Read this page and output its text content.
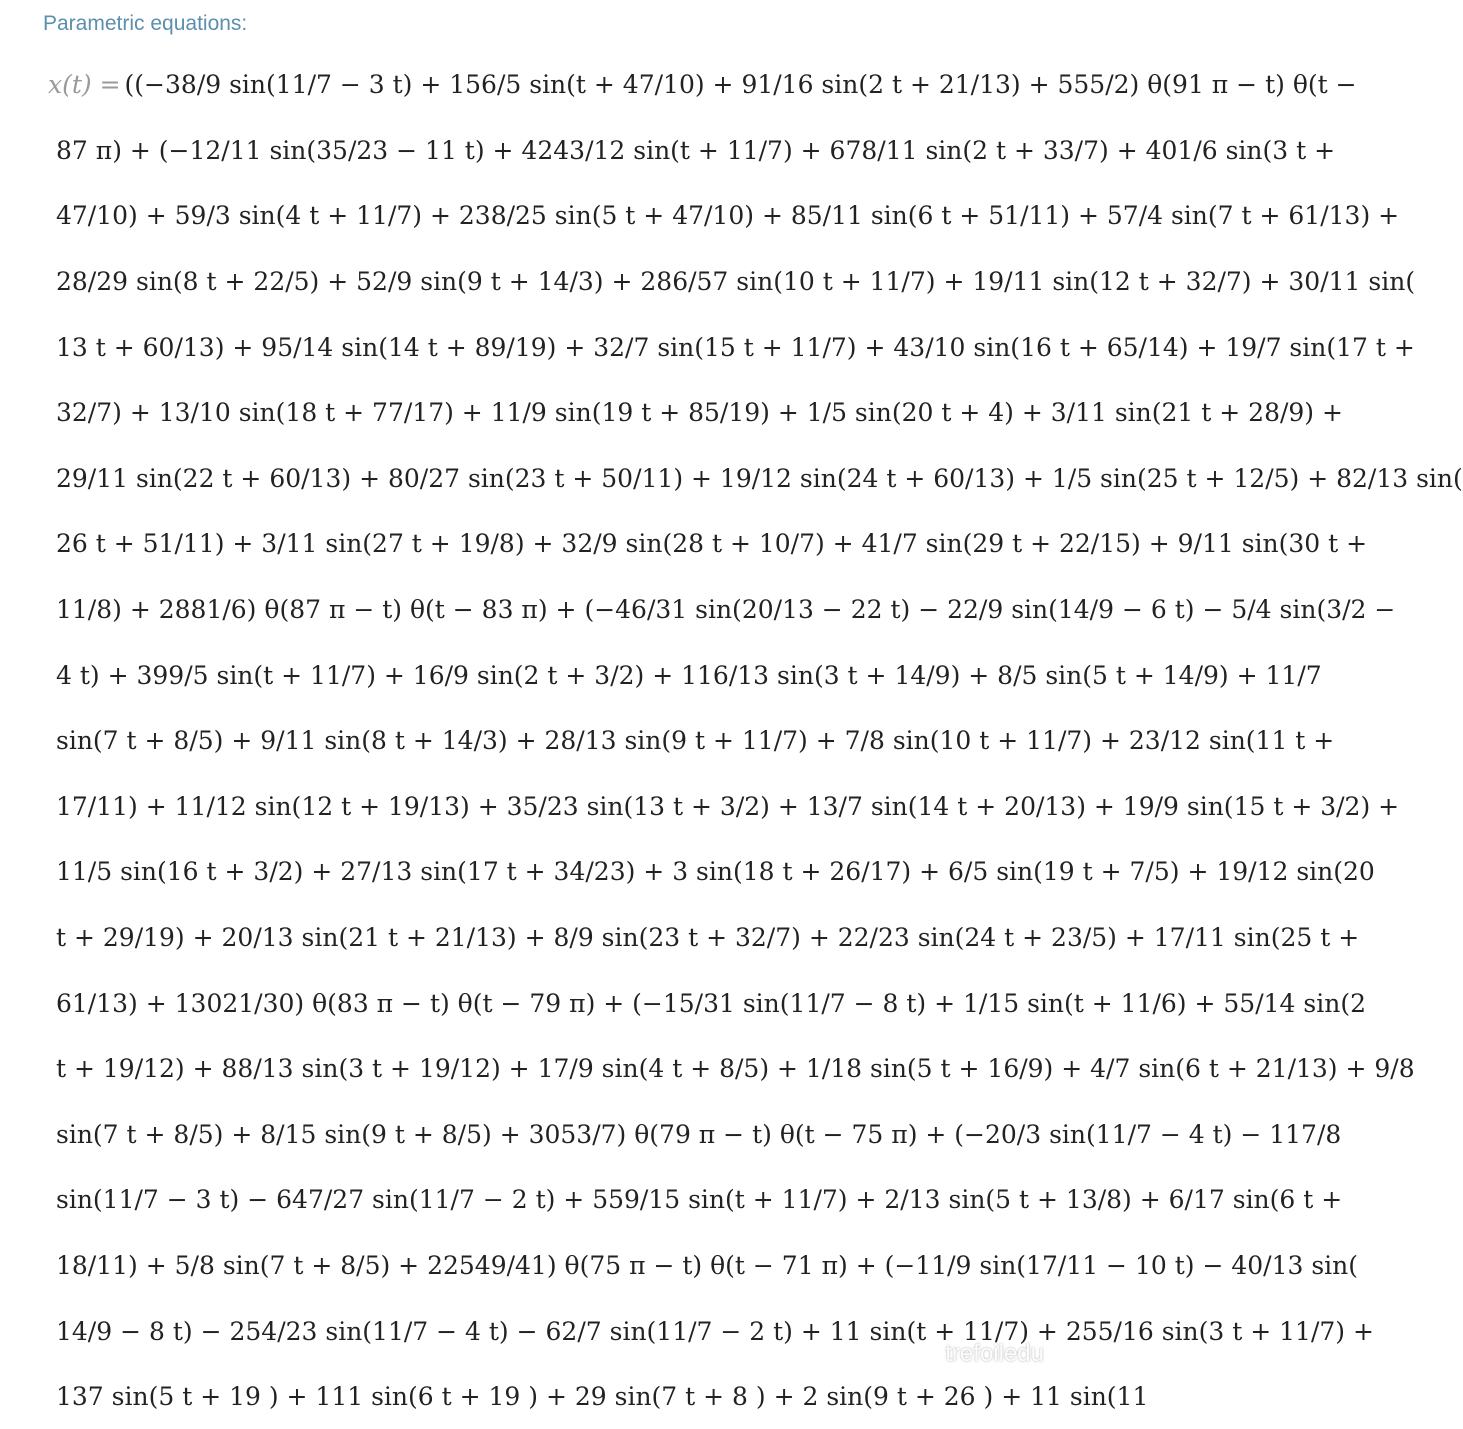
Parametric equations:
x(t) = ((−38/9 sin(11/7 − 3 t) + 156/5 sin(t + 47/10) + 91/16 sin(2 t + 21/13) + 555/2) θ(91 π − t) θ(t −
87 π) + (−12/11 sin(35/23 − 11 t) + 4243/12 sin(t + 11/7) + 678/11 sin(2 t + 33/7) + 401/6 sin(3 t +
47/10) + 59/3 sin(4 t + 11/7) + 238/25 sin(5 t + 47/10) + 85/11 sin(6 t + 51/11) + 57/4 sin(7 t + 61/13) +
28/29 sin(8 t + 22/5) + 52/9 sin(9 t + 14/3) + 286/57 sin(10 t + 11/7) + 19/11 sin(12 t + 32/7) + 30/11 sin(
13 t + 60/13) + 95/14 sin(14 t + 89/19) + 32/7 sin(15 t + 11/7) + 43/10 sin(16 t + 65/14) + 19/7 sin(17 t +
32/7) + 13/10 sin(18 t + 77/17) + 11/9 sin(19 t + 85/19) + 1/5 sin(20 t + 4) + 3/11 sin(21 t + 28/9) +
29/11 sin(22 t + 60/13) + 80/27 sin(23 t + 50/11) + 19/12 sin(24 t + 60/13) + 1/5 sin(25 t + 12/5) + 82/13 sin(
26 t + 51/11) + 3/11 sin(27 t + 19/8) + 32/9 sin(28 t + 10/7) + 41/7 sin(29 t + 22/15) + 9/11 sin(30 t +
11/8) + 2881/6) θ(87 π − t) θ(t − 83 π) + (−46/31 sin(20/13 − 22 t) − 22/9 sin(14/9 − 6 t) − 5/4 sin(3/2 −
4 t) + 399/5 sin(t + 11/7) + 16/9 sin(2 t + 3/2) + 116/13 sin(3 t + 14/9) + 8/5 sin(5 t + 14/9) + 11/7
sin(7 t + 8/5) + 9/11 sin(8 t + 14/3) + 28/13 sin(9 t + 11/7) + 7/8 sin(10 t + 11/7) + 23/12 sin(11 t +
17/11) + 11/12 sin(12 t + 19/13) + 35/23 sin(13 t + 3/2) + 13/7 sin(14 t + 20/13) + 19/9 sin(15 t + 3/2) +
11/5 sin(16 t + 3/2) + 27/13 sin(17 t + 34/23) + 3 sin(18 t + 26/17) + 6/5 sin(19 t + 7/5) + 19/12 sin(20
t + 29/19) + 20/13 sin(21 t + 21/13) + 8/9 sin(23 t + 32/7) + 22/23 sin(24 t + 23/5) + 17/11 sin(25 t +
61/13) + 13021/30) θ(83 π − t) θ(t − 79 π) + (−15/31 sin(11/7 − 8 t) + 1/15 sin(t + 11/6) + 55/14 sin(2
t + 19/12) + 88/13 sin(3 t + 19/12) + 17/9 sin(4 t + 8/5) + 1/18 sin(5 t + 16/9) + 4/7 sin(6 t + 21/13) + 9/8
sin(7 t + 8/5) + 8/15 sin(9 t + 8/5) + 3053/7) θ(79 π − t) θ(t − 75 π) + (−20/3 sin(11/7 − 4 t) − 117/8
sin(11/7 − 3 t) − 647/27 sin(11/7 − 2 t) + 559/15 sin(t + 11/7) + 2/13 sin(5 t + 13/8) + 6/17 sin(6 t +
18/11) + 5/8 sin(7 t + 8/5) + 22549/41) θ(75 π − t) θ(t − 71 π) + (−11/9 sin(17/11 − 10 t) − 40/13 sin(
14/9 − 8 t) − 254/23 sin(11/7 − 4 t) − 62/7 sin(11/7 − 2 t) + 11 sin(t + 11/7) + 255/16 sin(3 t + 11/7) +
137 sin(5 t + 19 ) + 111 sin(6 t + 19 ) + 29 sin(7 t + 8 ) + 2 sin(9 t + 26 ) + 11 sin(11
trefoiledu
